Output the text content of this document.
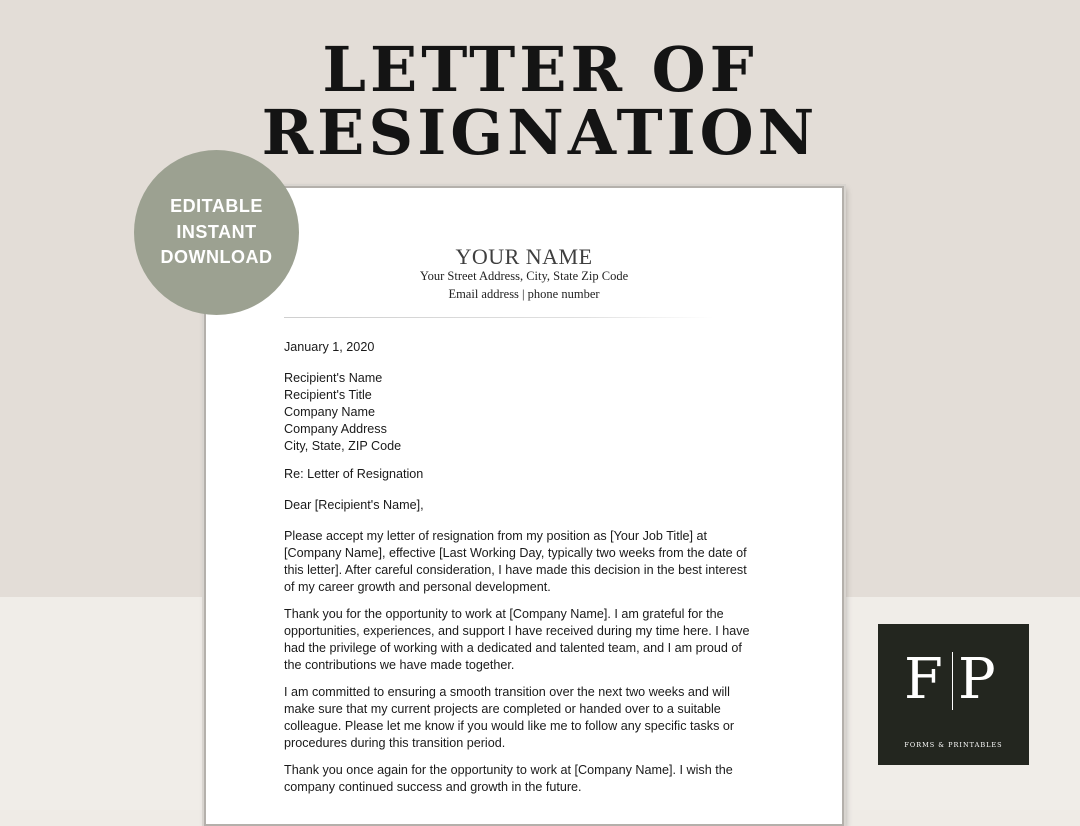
LETTER OF
RESIGNATION
YOUR NAME
Your Street Address, City, State Zip Code
Email address | phone number
January 1, 2020
Recipient's Name
Recipient's Title
Company Name
Company Address
City, State, ZIP Code
Re: Letter of Resignation
Dear [Recipient's Name],

Please accept my letter of resignation from my position as [Your Job Title] at [Company Name], effective [Last Working Day, typically two weeks from the date of this letter]. After careful consideration, I have made this decision in the best interest of my career growth and personal development.

Thank you for the opportunity to work at [Company Name]. I am grateful for the opportunities, experiences, and support I have received during my time here. I have had the privilege of working with a dedicated and talented team, and I am proud of the contributions we have made together.

I am committed to ensuring a smooth transition over the next two weeks and will make sure that my current projects are completed or handed over to a suitable colleague. Please let me know if you would like me to follow any specific tasks or procedures during this transition period.

Thank you once again for the opportunity to work at [Company Name]. I wish the company continued success and growth in the future.

EDITABLE
INSTANT
DOWNLOAD
F P
FORMS & PRINTABLES
